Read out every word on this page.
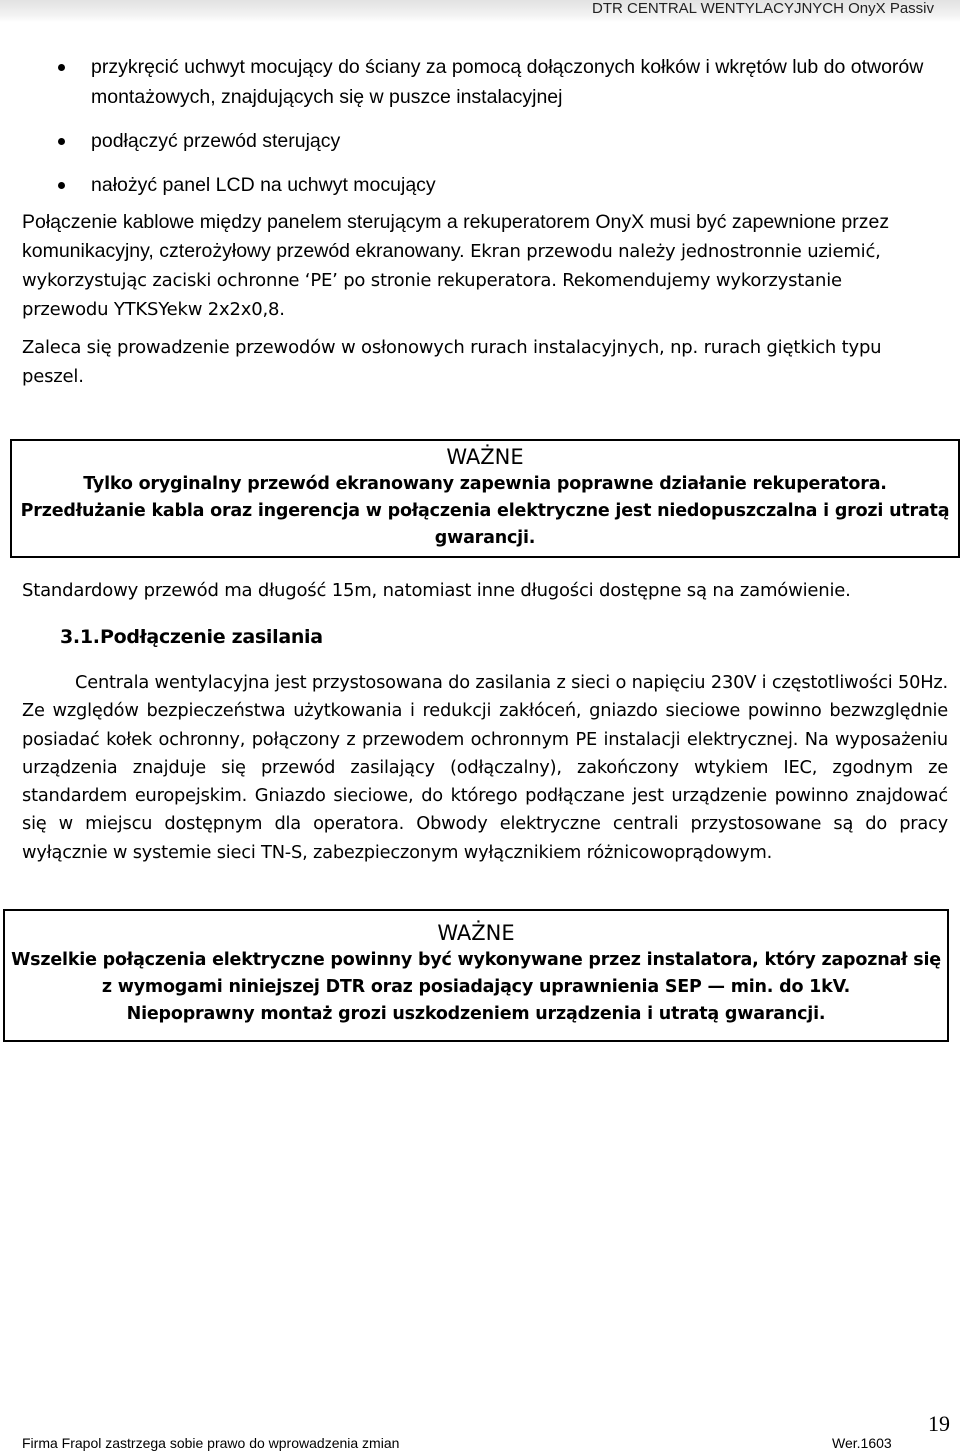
DTR CENTRAL WENTYLACYJNYCH OnyX Passiv
przykręcić uchwyt mocujący do ściany za pomocą dołączonych kołków i wkrętów lub do otworów montażowych, znajdujących się w puszce instalacyjnej
podłączyć przewód sterujący
nałożyć panel LCD na uchwyt mocujący

Połączenie kablowe między panelem sterującym a rekuperatorem OnyX musi być zapewnione przez komunikacyjny, czterożyłowy przewód ekranowany. Ekran przewodu należy jednostronnie uziemić, wykorzystując zaciski ochronne ‘PE’ po stronie rekuperatora. Rekomendujemy wykorzystanie przewodu YTKSYekw 2x2x0,8.

Zaleca się prowadzenie przewodów w osłonowych rurach instalacyjnych, np. rurach giętkich typu peszel.

WAŻNE

Tylko oryginalny przewód ekranowany zapewnia poprawne działanie rekuperatora.

Przedłużanie kabla oraz ingerencja w połączenia elektryczne jest niedopuszczalna i grozi utratą gwarancji.

Standardowy przewód ma długość 15m, natomiast inne długości dostępne są na zamówienie.

3.1.Podłączenie zasilania

Centrala wentylacyjna jest przystosowana do zasilania z sieci o napięciu 230V i częstotliwości 50Hz. Ze względów bezpieczeństwa użytkowania i redukcji zakłóceń, gniazdo sieciowe powinno bezwzględnie posiadać kołek ochronny, połączony z przewodem ochronnym PE instalacji elektrycznej. Na wyposażeniu urządzenia znajduje się przewód zasilający (odłączalny), zakończony wtykiem IEC, zgodnym ze standardem europejskim. Gniazdo sieciowe, do którego podłączane jest urządzenie powinno znajdować się w miejscu dostępnym dla operatora. Obwody elektryczne centrali przystosowane są do pracy wyłącznie w systemie sieci TN-S, zabezpieczonym wyłącznikiem różnicowoprądowym.

WAŻNE

Wszelkie połączenia elektryczne powinny być wykonywane przez instalatora, który zapoznał się

z wymogami niniejszej DTR oraz posiadający uprawnienia SEP — min. do 1kV.

Niepoprawny montaż grozi uszkodzeniem urządzenia i utratą gwarancji.

19
Firma Frapol zastrzega sobie prawo do wprowadzenia zmian	Wer.1603
